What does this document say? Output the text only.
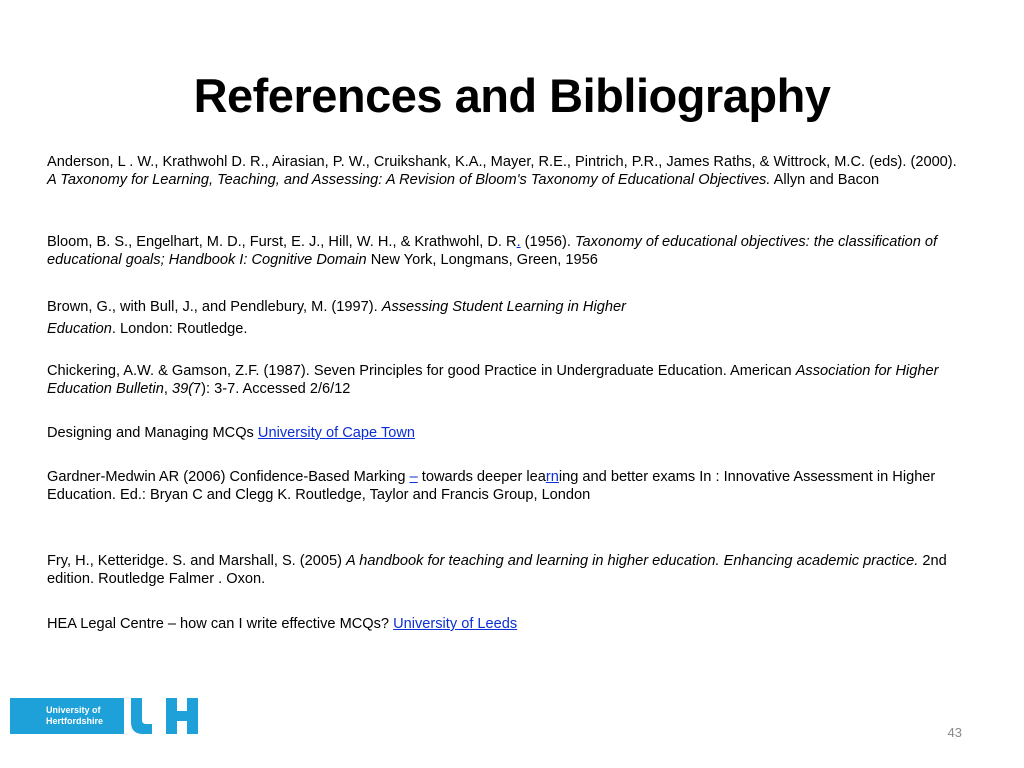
References and Bibliography

Anderson, L . W., Krathwohl D. R., Airasian, P. W., Cruikshank, K.A., Mayer, R.E., Pintrich, P.R., James Raths, & Wittrock, M.C. (eds). (2000). A Taxonomy for Learning, Teaching, and Assessing: A Revision of Bloom's Taxonomy of Educational Objectives. Allyn and Bacon

Bloom, B. S., Engelhart, M. D., Furst, E. J., Hill, W. H., & Krathwohl, D. R. (1956). Taxonomy of educational objectives: the classification of educational goals; Handbook I: Cognitive Domain New York, Longmans, Green, 1956

Brown, G., with Bull, J., and Pendlebury, M. (1997). Assessing Student Learning in Higher
Education. London: Routledge.

Chickering, A.W. & Gamson, Z.F. (1987). Seven Principles for good Practice in Undergraduate Education. American Association for Higher Education Bulletin, 39(7): 3-7. Accessed 2/6/12

Designing and Managing MCQs University of Cape Town

Gardner-Medwin AR (2006) Confidence-Based Marking – towards deeper learning and better exams In : Innovative Assessment in Higher Education. Ed.: Bryan C and Clegg K. Routledge, Taylor and Francis Group, London

Fry, H., Ketteridge. S. and Marshall, S. (2005) A handbook for teaching and learning in higher education. Enhancing academic practice. 2nd edition. Routledge Falmer . Oxon.

HEA Legal Centre – how can I write effective MCQs? University of Leeds

University of
Hertfordshire
43
